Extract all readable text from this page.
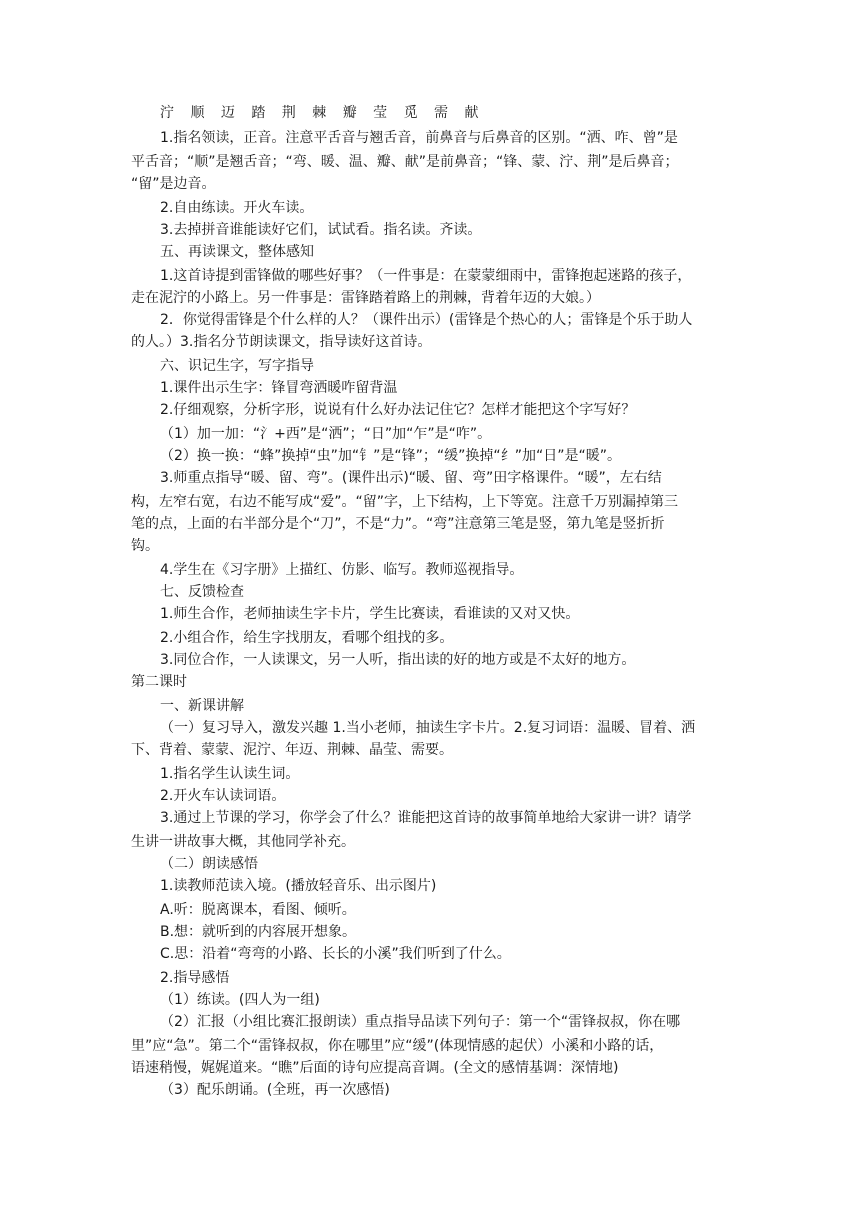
泞 顺 迈 踏 荆 棘 瓣 莹 觅 需 献
1.指名领读，正音。注意平舌音与翘舌音，前鼻音与后鼻音的区别。“洒、咋、曾”是
平舌音；“顺”是翘舌音；“弯、暖、温、瓣、献”是前鼻音；“锋、蒙、泞、荆”是后鼻音；
“留”是边音。
2.自由练读。开火车读。
3.去掉拼音谁能读好它们，试试看。指名读。齐读。
五、再读课文，整体感知
1.这首诗提到雷锋做的哪些好事？（一件事是：在蒙蒙细雨中，雷锋抱起迷路的孩子，
走在泥泞的小路上。另一件事是：雷锋踏着路上的荆棘，背着年迈的大娘。）
2．你觉得雷锋是个什么样的人？（课件出示）(雷锋是个热心的人；雷锋是个乐于助人
的人。）3.指名分节朗读课文，指导读好这首诗。
六、识记生字，写字指导
1.课件出示生字：锋冒弯洒暖咋留背温
2.仔细观察，分析字形，说说有什么好办法记住它？怎样才能把这个字写好？
（1）加一加：“氵+西”是“洒”；“日”加“乍”是“咋”。
（2）换一换：“蜂”换掉“虫”加“钅”是“锋”；“缓”换掉“纟”加“日”是“暖”。
3.师重点指导“暖、留、弯”。(课件出示)“暖、留、弯”田字格课件。“暖”，左右结
构，左窄右宽，右边不能写成“爱”。“留”字，上下结构，上下等宽。注意千万别漏掉第三
笔的点，上面的右半部分是个“刀”，不是“力”。“弯”注意第三笔是竖，第九笔是竖折折
钩。
4.学生在《习字册》上描红、仿影、临写。教师巡视指导。
七、反馈检查
1.师生合作，老师抽读生字卡片，学生比赛读，看谁读的又对又快。
2.小组合作，给生字找朋友，看哪个组找的多。
3.同位合作，一人读课文，另一人听，指出读的好的地方或是不太好的地方。
第二课时
一、新课讲解
（一）复习导入，激发兴趣 1.当小老师，抽读生字卡片。2.复习词语：温暖、冒着、洒
下、背着、蒙蒙、泥泞、年迈、荆棘、晶莹、需要。
1.指名学生认读生词。
2.开火车认读词语。
3.通过上节课的学习，你学会了什么？谁能把这首诗的故事简单地给大家讲一讲？请学
生讲一讲故事大概，其他同学补充。
（二）朗读感悟
1.读教师范读入境。(播放轻音乐、出示图片)
A.听：脱离课本，看图、倾听。
B.想：就听到的内容展开想象。
C.思：沿着“弯弯的小路、长长的小溪”我们听到了什么。
2.指导感悟
（1）练读。(四人为一组)
（2）汇报（小组比赛汇报朗读）重点指导品读下列句子：第一个“雷锋叔叔，你在哪
里”应“急”。第二个“雷锋叔叔，你在哪里”应“缓”(体现情感的起伏）小溪和小路的话，
语速稍慢，娓娓道来。“瞧”后面的诗句应提高音调。(全文的感情基调：深情地)
（3）配乐朗诵。(全班，再一次感悟)
